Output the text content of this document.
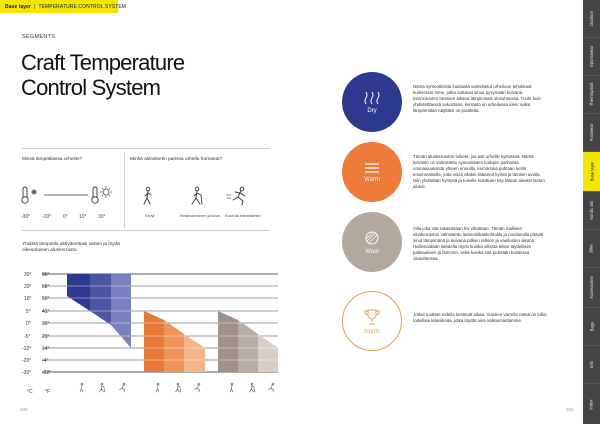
Base layer | TEMPERATURE CONTROL SYSTEM
SEGMENTS
Craft Temperature
Control System
Missä lämpötilassa urheilet?	Minkä aktiviteetin parissa urheilu harrastat?
-30° -10° 0° 10° 30°	Kevyt	Keskivoimainen ja kova Kova tai intensiivinen
Yhdistä lämpötila aktiviteettiasi varten ja löydä oikeanlainen aluskerrasto.
30°
20°
10°
5°
0°
-5°
-10°
-20°
-30°
86°
68°
50°
41°
32°
23°
14°
-4°
-22°
°C °F
100	101
Dry
Nämä syntoottisista kuiduista valmistetut urheiluun tehokkaat kuilerrasto mme, jotka auttavat sinua pysymään kuivana intensiivisten treenien aikana lämpimissä olosuhteissa. Tuote kuin yhdistettäessä sekoittaan, kerrasto on urheilussa idea; sulka lämpömittari näyttäisi on puutteita.
Warm
Tämän aluskerraston tuikeet, jos asit urheille kylmässä. Nämä kerrasto on valmistettu syntoottisten kuitujen parhaista ominaisuuksista yhteen ennuilla, kerroksina puhtaan keitin ensimmäiselle, jotta voisit ollakin lisäarvot kylmä ja lämmin avulla. Niin yhdistään hyötyää ja toiselle kuluttuen käy tämän aluskerraston aluesi.
Wool
Villa joka sitä rakastetaan hiv vihattaan. Tämän mallisen aluskerraston valmistettu laamoniikankohtolila ja nuotiomilla pitävät sinut lämpimänä ja kuivana pitkien retkien ja vaellusten aikana. Hallinnoidaan kahdella myös kuinka villasta tekee täydellisen pakkauksen ja lämmön, sekä kuinka sitä pidetään kosteissa olosuhteissa.
Iconic
Jotkut tuotteet todella kestävät aikaa. Vuosien varrella nämä on tullut todellisia klassikoita, jotka löydät aina valikoimastamme.
Outdoor
Sportswear
Thermoplaid
Footwear
Base layer
Nordic Ski
Bike
Accessories
Bags
Info
Index
